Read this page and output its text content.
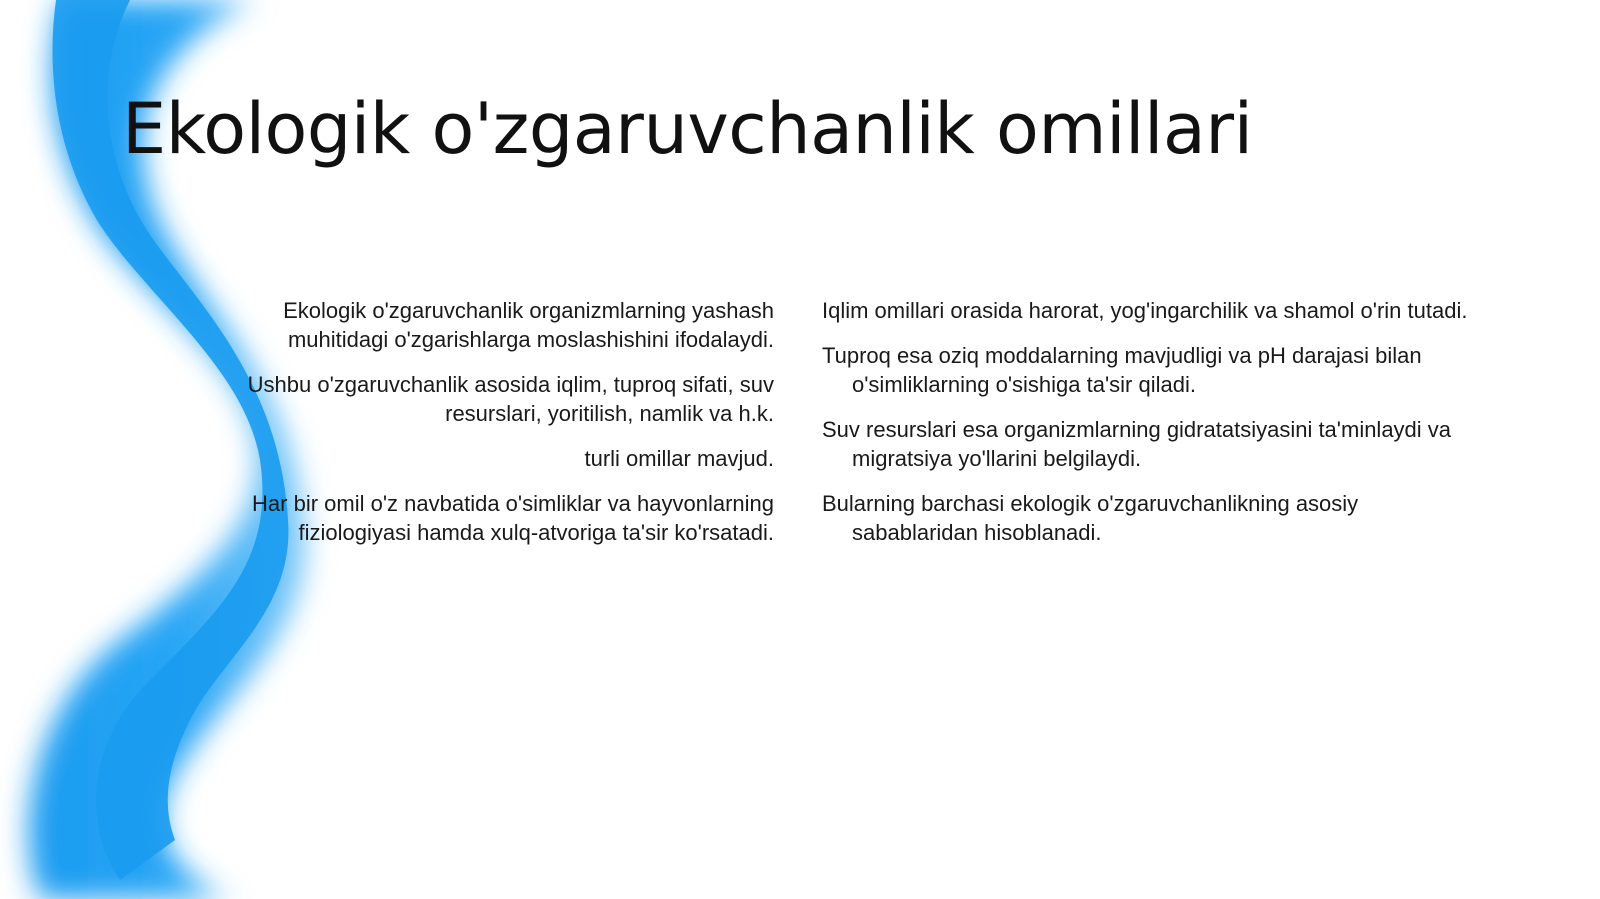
Ekologik o'zgaruvchanlik omillari
Ekologik o'zgaruvchanlik organizmlarning yashash muhitidagi o'zgarishlarga moslashishini ifodalaydi.
Ushbu o'zgaruvchanlik asosida iqlim, tuproq sifati, suv resurslari, yoritilish, namlik va h.k.
turli omillar mavjud.
Har bir omil o'z navbatida o'simliklar va hayvonlarning fiziologiyasi hamda xulq-atvoriga ta'sir ko'rsatadi.
Iqlim omillari orasida harorat, yog'ingarchilik va shamol o'rin tutadi.
Tuproq esa oziq moddalarning mavjudligi va pH darajasi bilan o'simliklarning o'sishiga ta'sir qiladi.
Suv resurslari esa organizmlarning gidratatsiyasini ta'minlaydi va migratsiya yo'llarini belgilaydi.
Bularning barchasi ekologik o'zgaruvchanlikning asosiy sabablaridan hisoblanadi.
